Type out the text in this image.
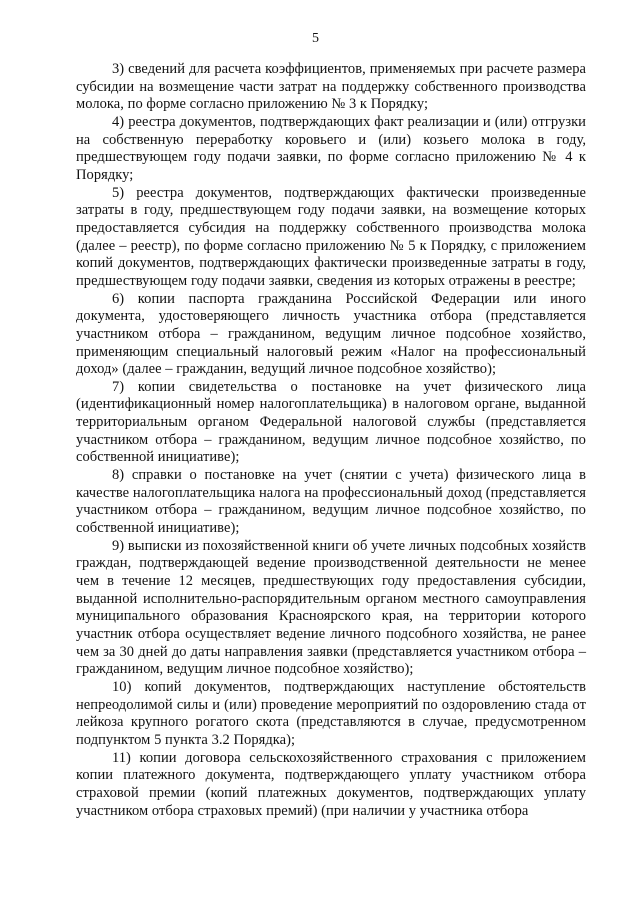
5

3) сведений для расчета коэффициентов, применяемых при расчете размера субсидии на возмещение части затрат на поддержку собственного производства молока, по форме согласно приложению № 3 к Порядку;

4) реестра документов, подтверждающих факт реализации и (или) отгрузки на собственную переработку коровьего и (или) козьего молока в году, предшествующем году подачи заявки, по форме согласно приложению № 4 к Порядку;

5) реестра документов, подтверждающих фактически произведенные затраты в году, предшествующем году подачи заявки, на возмещение которых предоставляется субсидия на поддержку собственного производства молока (далее – реестр), по форме согласно приложению № 5 к Порядку, с приложением копий документов, подтверждающих фактически произведенные затраты в году, предшествующем году подачи заявки, сведения из которых отражены в реестре;

6) копии паспорта гражданина Российской Федерации или иного документа, удостоверяющего личность участника отбора (представляется участником отбора – гражданином, ведущим личное подсобное хозяйство, применяющим специальный налоговый режим «Налог на профессиональный доход» (далее – гражданин, ведущий личное подсобное хозяйство);

7) копии свидетельства о постановке на учет физического лица (идентификационный номер налогоплательщика) в налоговом органе, выданной территориальным органом Федеральной налоговой службы (представляется участником отбора – гражданином, ведущим личное подсобное хозяйство, по собственной инициативе);

8) справки о постановке на учет (снятии с учета) физического лица в качестве налогоплательщика налога на профессиональный доход (представляется участником отбора – гражданином, ведущим личное подсобное хозяйство, по собственной инициативе);

9) выписки из похозяйственной книги об учете личных подсобных хозяйств граждан, подтверждающей ведение производственной деятельности не менее чем в течение 12 месяцев, предшествующих году предоставления субсидии, выданной исполнительно-распорядительным органом местного самоуправления муниципального образования Красноярского края, на территории которого участник отбора осуществляет ведение личного подсобного хозяйства, не ранее чем за 30 дней до даты направления заявки (представляется участником отбора – гражданином, ведущим личное подсобное хозяйство);

10) копий документов, подтверждающих наступление обстоятельств непреодолимой силы и (или) проведение мероприятий по оздоровлению стада от лейкоза крупного рогатого скота (представляются в случае, предусмотренном подпунктом 5 пункта 3.2 Порядка);

11) копии договора сельскохозяйственного страхования с приложением копии платежного документа, подтверждающего уплату участником отбора страховой премии (копий платежных документов, подтверждающих уплату участником отбора страховых премий) (при наличии у участника отбора
